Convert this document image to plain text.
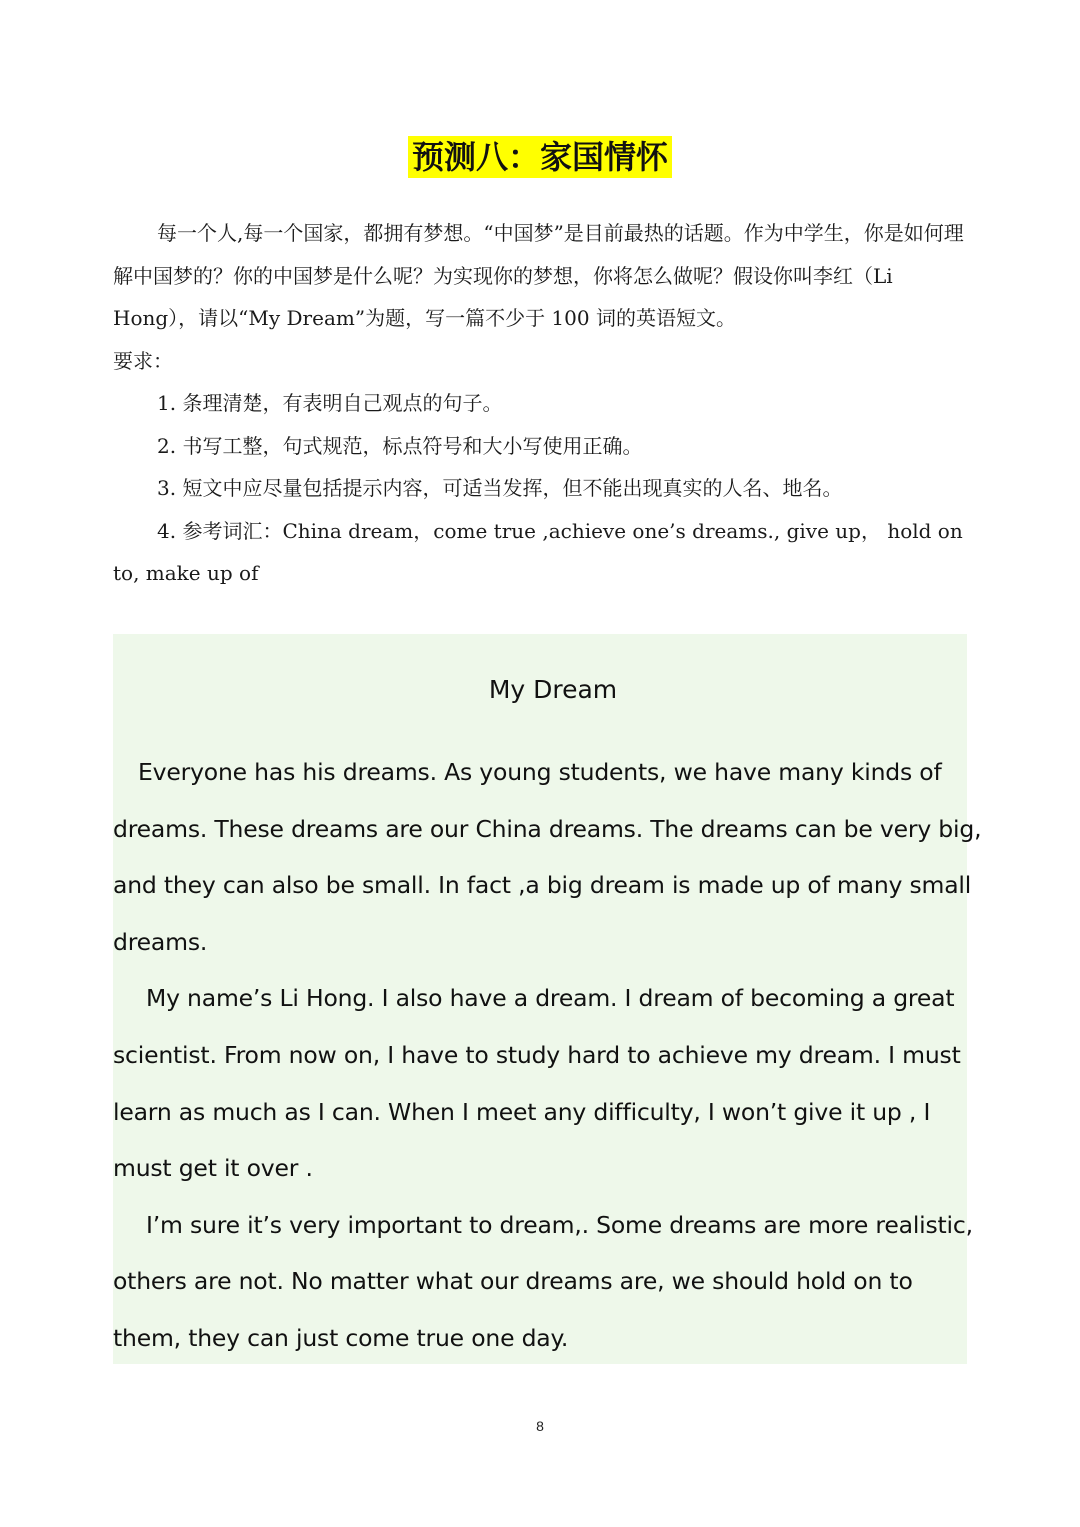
预测八：家国情怀

每一个人,每一个国家，都拥有梦想。“中国梦”是目前最热的话题。作为中学生，你是如何理解中国梦的？你的中国梦是什么呢？为实现你的梦想，你将怎么做呢？假设你叫李红（Li Hong），请以“My Dream”为题，写一篇不少于 100 词的英语短文。

要求：

1. 条理清楚，有表明自己观点的句子。

2. 书写工整，句式规范，标点符号和大小写使用正确。

3. 短文中应尽量包括提示内容，可适当发挥，但不能出现真实的人名、地名。

4. 参考词汇：China dream，come true ,achieve one’s dreams., give up， hold on to, make up of

My Dream

Everyone has his dreams. As young students, we have many kinds of dreams. These dreams are our China dreams. The dreams can be very big, and they can also be small. In fact ,a big dream is made up of many small dreams.

My name’s Li Hong. I also have a dream. I dream of becoming a great scientist. From now on, I have to study hard to achieve my dream. I must learn as much as I can. When I meet any difficulty, I won’t give it up , I must get it over .

I’m sure it’s very important to dream,. Some dreams are more realistic, others are not. No matter what our dreams are, we should hold on to them, they can just come true one day.

8
